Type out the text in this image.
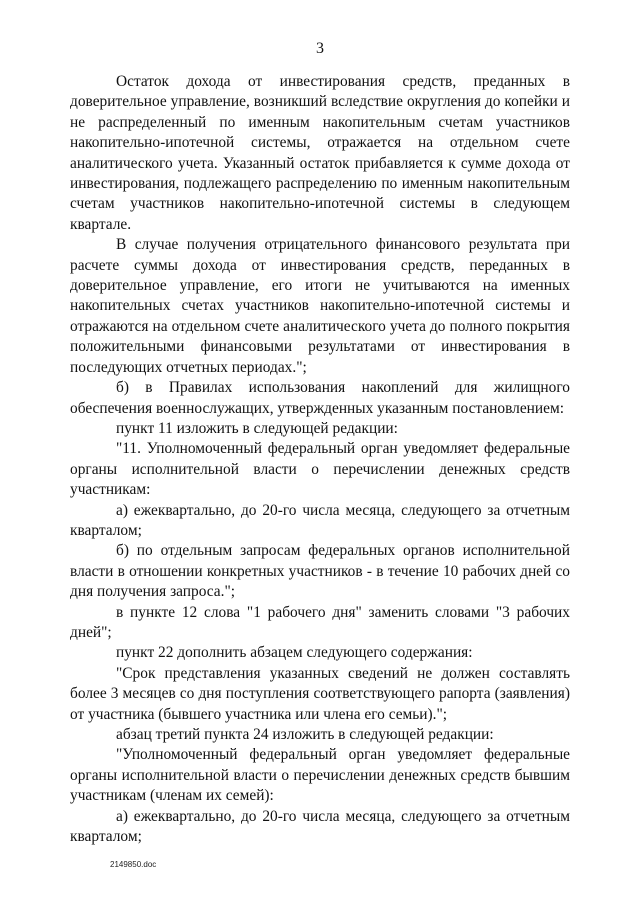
3

Остаток дохода от инвестирования средств, преданных в доверительное управление, возникший вследствие округления до копейки и не распределенный по именным накопительным счетам участников накопительно-ипотечной системы, отражается на отдельном счете аналитического учета. Указанный остаток прибавляется к сумме дохода от инвестирования, подлежащего распределению по именным накопительным счетам участников накопительно-ипотечной системы в следующем квартале.

В случае получения отрицательного финансового результата при расчете суммы дохода от инвестирования средств, переданных в доверительное управление, его итоги не учитываются на именных накопительных счетах участников накопительно-ипотечной системы и отражаются на отдельном счете аналитического учета до полного покрытия положительными финансовыми результатами от инвестирования в последующих отчетных периодах.";

б) в Правилах использования накоплений для жилищного обеспечения военнослужащих, утвержденных указанным постановлением:

пункт 11 изложить в следующей редакции:

"11. Уполномоченный федеральный орган уведомляет федеральные органы исполнительной власти о перечислении денежных средств участникам:

а) ежеквартально, до 20-го числа месяца, следующего за отчетным кварталом;

б) по отдельным запросам федеральных органов исполнительной власти в отношении конкретных участников - в течение 10 рабочих дней со дня получения запроса.";

в пункте 12 слова "1 рабочего дня" заменить словами "3 рабочих дней";

пункт 22 дополнить абзацем следующего содержания:

"Срок представления указанных сведений не должен составлять более 3 месяцев со дня поступления соответствующего рапорта (заявления) от участника (бывшего участника или члена его семьи).";

абзац третий пункта 24 изложить в следующей редакции:

"Уполномоченный федеральный орган уведомляет федеральные органы исполнительной власти о перечислении денежных средств бывшим участникам (членам их семей):

а) ежеквартально, до 20-го числа месяца, следующего за отчетным кварталом;

2149850.doc
